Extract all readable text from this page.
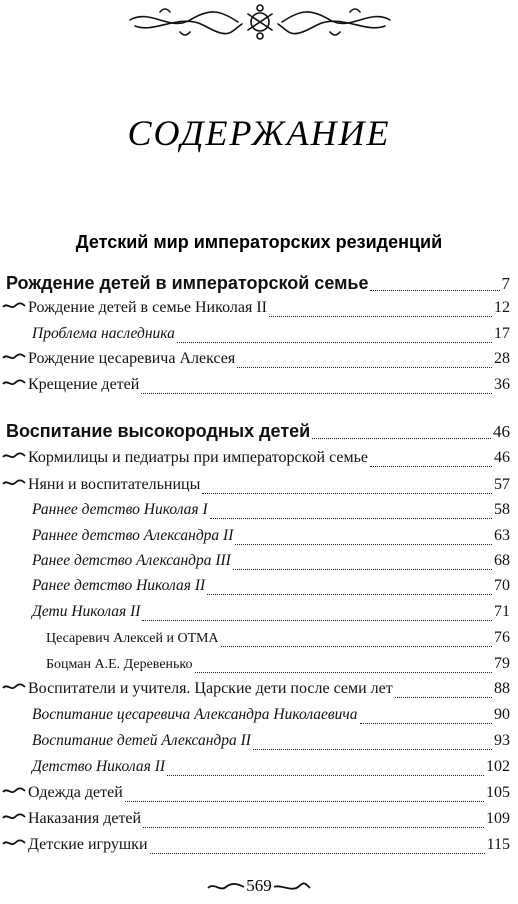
СОДЕРЖАНИЕ
Детский мир императорских резиденций
Рождение детей в императорской семье	7
Рождение детей в семье Николая II	12
Проблема наследника	17
Рождение цесаревича Алексея	28
Крещение детей	36
Воспитание высокородных детей	46
Кормилицы и педиатры при императорской семье	46
Няни и воспитательницы	57
Раннее детство Николая I	58
Раннее детство Александра II	63
Ранее детство Александра III	68
Ранее детство Николая II	70
Дети Николая II	71
Цесаревич Алексей и ОТМА	76
Боцман А.Е. Деревенько	79
Воспитатели и учителя. Царские дети после семи лет	88
Воспитание цесаревича Александра Николаевича	90
Воспитание детей Александра II	93
Детство Николая II	102
Одежда детей	105
Наказания детей	109
Детские игрушки	115
569
